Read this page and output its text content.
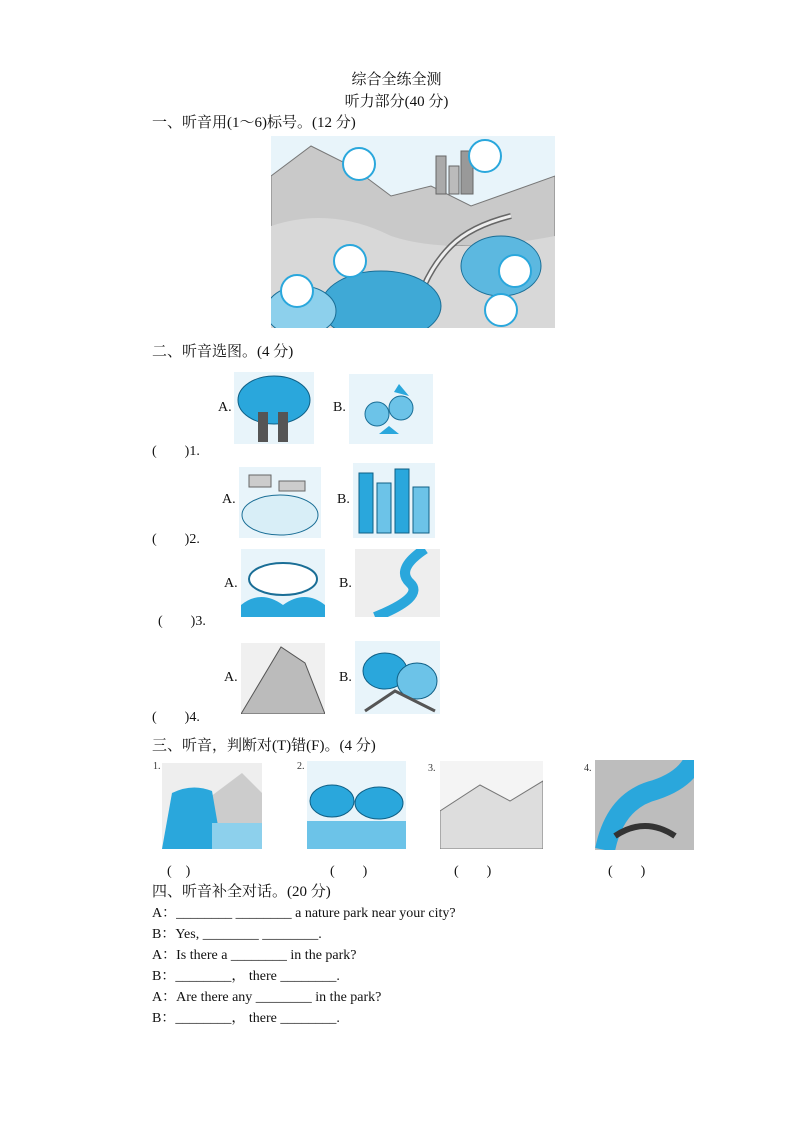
综合全练全测
听力部分(40 分)
一、听音用(1～6)标号。(12 分)
二、听音选图。(4 分)
A.	B.
(　　)1.
A.	B.
(　　)2.
A.	B.
(　　)3.
A.	B.
(　　)4.
三、听音，判断对(T)错(F)。(4 分)
1.	2.	3.	4.
(　)	(　　)	(　　)	(　　)
四、听音补全对话。(20 分)
A：________ ________ a nature park near your city?
B：Yes, ________ ________.
A：Is there a ________ in the park?
B：________， there ________.
A：Are there any ________ in the park?
B：________， there ________.
